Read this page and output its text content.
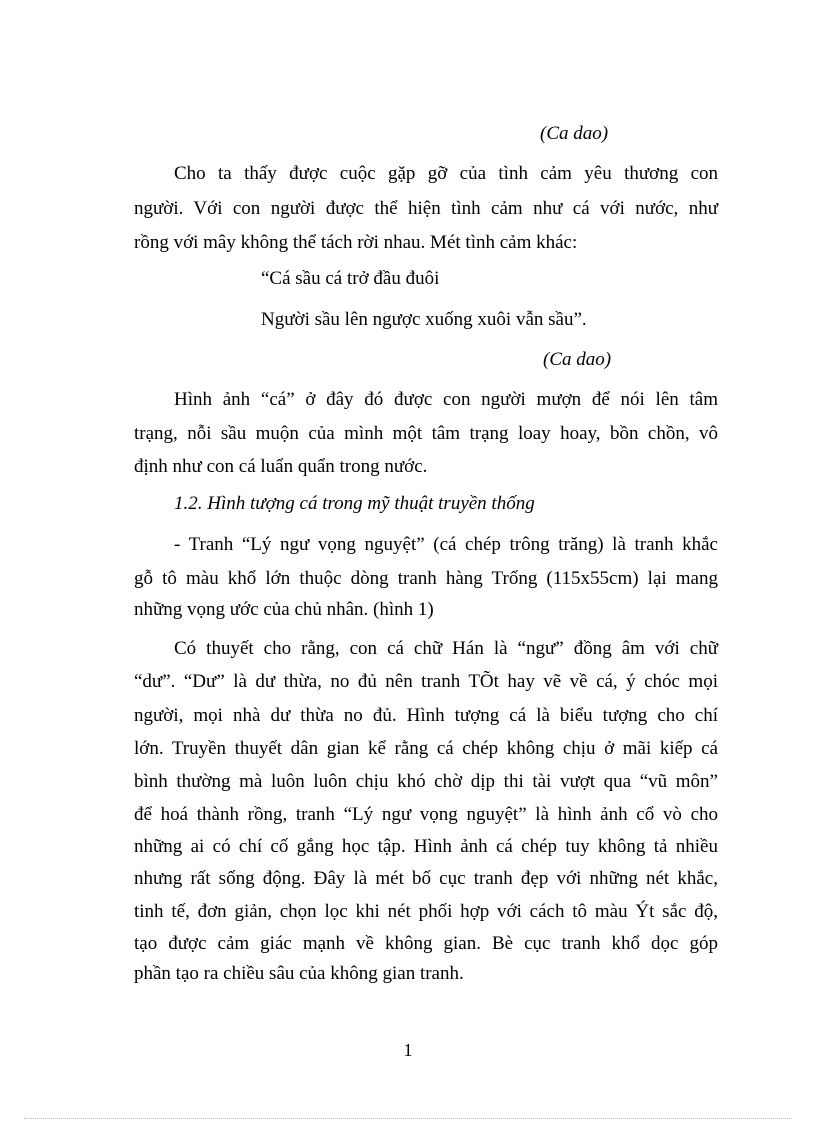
(Ca dao)
Cho ta thấy được cuộc gặp gỡ của tình cảm yêu thương con
người. Với con người được thể hiện tình cảm như cá với nước, như
rồng với mây không thể tách rời nhau. Mét tình cảm khác:
“Cá sầu cá trở đầu đuôi
Người sầu lên ngược xuống xuôi vẫn sầu”.
(Ca dao)
Hình ảnh “cá” ở đây đó được con người mượn để nói lên tâm
trạng, nỗi sầu muộn của mình một tâm trạng loay hoay, bồn chồn, vô
định như con cá luẩn quẩn trong nước.
1.2. Hình tượng cá trong mỹ thuật truyền thống
- Tranh “Lý ngư vọng nguyệt” (cá chép trông trăng) là tranh khắc
gỗ tô màu khổ lớn thuộc dòng tranh hàng Trống (115x55cm) lại mang
những vọng ước của chủ nhân. (hình 1)
Có thuyết cho rằng, con cá chữ Hán là “ngư” đồng âm với chữ
“dư”. “Dư” là dư thừa, no đủ nên tranh TÕt hay vẽ về cá, ý chóc mọi
người, mọi nhà dư thừa no đủ. Hình tượng cá là biểu tượng cho chí
lớn. Truyền thuyết dân gian kể rằng cá chép không chịu ở mãi kiếp cá
bình thường mà luôn luôn chịu khó chờ dịp thi tài vượt qua “vũ môn”
để hoá thành rồng, tranh “Lý ngư vọng nguyệt” là hình ảnh cổ vò cho
những ai có chí cố gắng học tập. Hình ảnh cá chép tuy không tả nhiều
nhưng rất sống động. Đây là mét bố cục tranh đẹp với những nét khắc,
tinh tế, đơn giản, chọn lọc khi nét phối hợp với cách tô màu Ýt sắc độ,
tạo được cảm giác mạnh về không gian. Bè cục tranh khổ dọc góp
phần tạo ra chiều sâu của không gian tranh.
1
